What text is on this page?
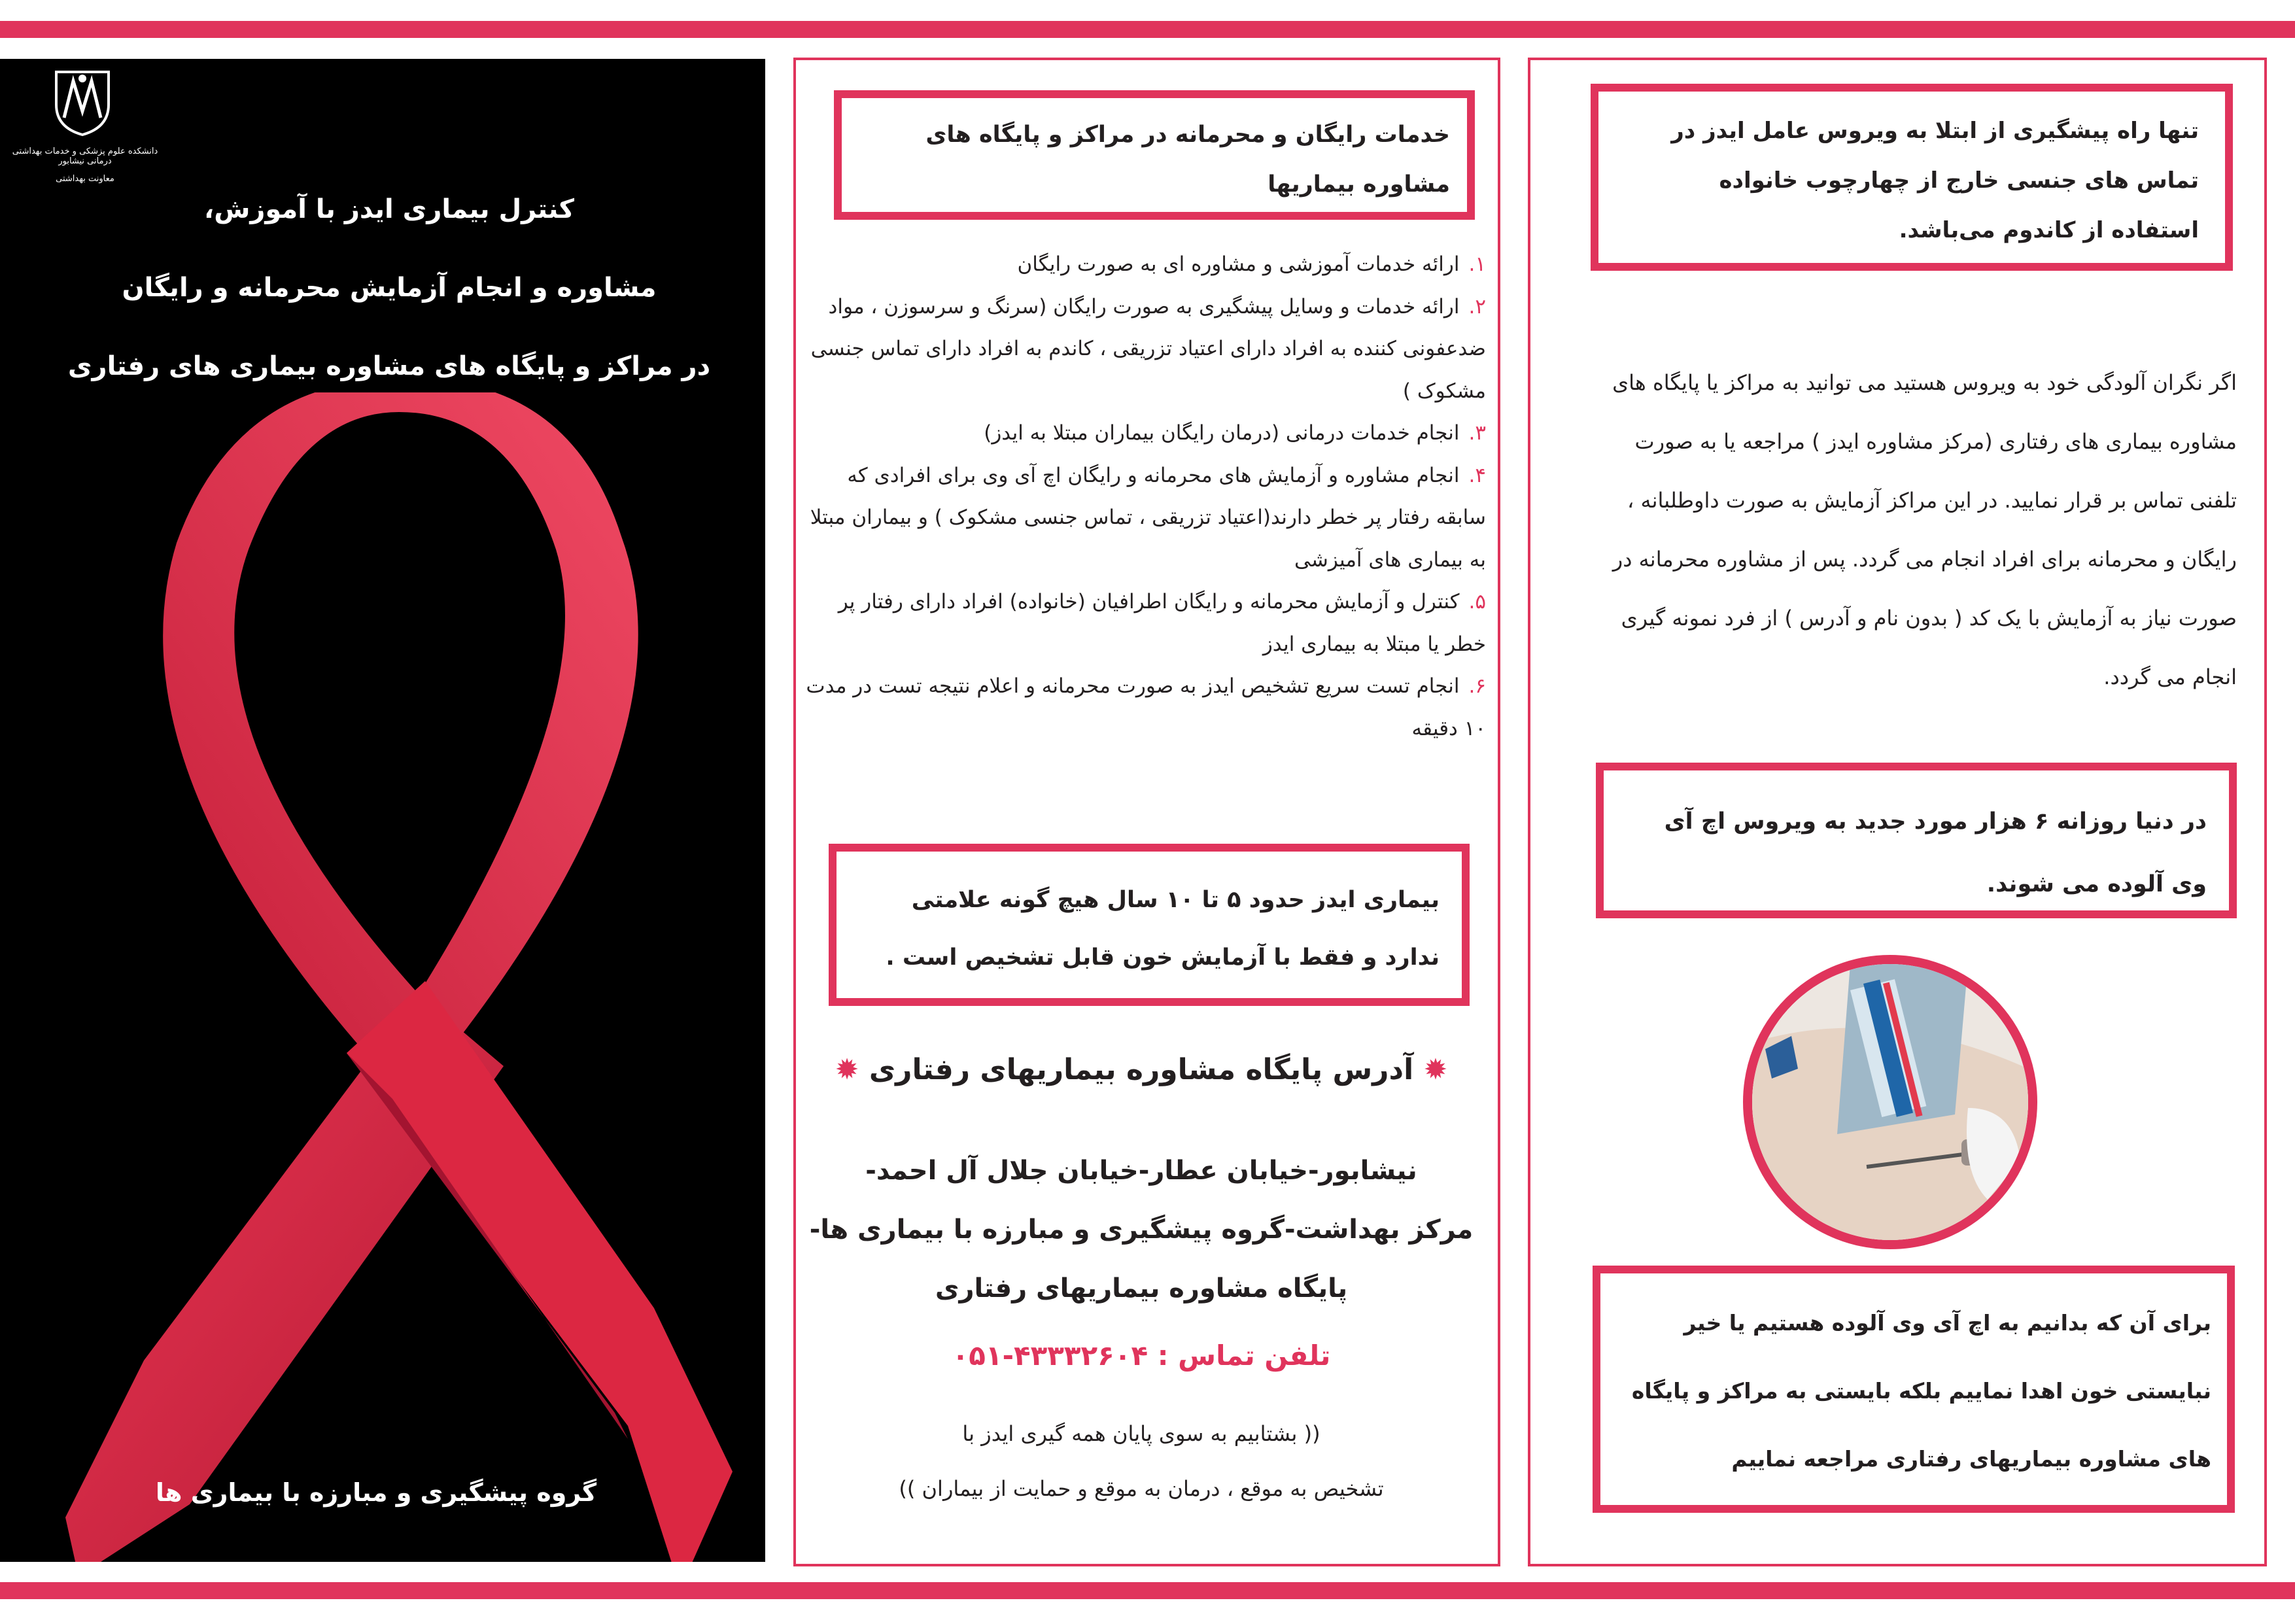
دانشکده علوم پزشکی و خدمات بهداشتی درمانی نیشابور
معاونت بهداشتی
کنترل بیماری ایدز با آموزش،
مشاوره و انجام آزمایش محرمانه و رایگان
در مراکز و پایگاه های مشاوره بیماری های رفتاری
گروه پیشگیری و مبارزه با بیماری ها
خدمات رایگان و محرمانه در مراکز و پایگاه های مشاوره بیماریها
۱.ارائه خدمات آموزشی و مشاوره ای به صورت رایگان
۲.ارائه خدمات و وسایل پیشگیری به صورت رایگان (سرنگ و سرسوزن ، مواد ضدعفونی کننده به افراد دارای اعتیاد تزریقی ، کاندم به افراد دارای تماس جنسی مشکوک )
۳.انجام خدمات درمانی (درمان رایگان بیماران مبتلا به ایدز)
۴.انجام مشاوره و آزمایش های محرمانه و رایگان اچ آی وی برای افرادی که سابقه رفتار پر خطر دارند(اعتیاد تزریقی ، تماس جنسی مشکوک ) و بیماران مبتلا به بیماری های آمیزشی
۵.کنترل و آزمایش محرمانه و رایگان اطرافیان (خانواده) افراد دارای رفتار پر خطر یا مبتلا به بیماری ایدز
۶.انجام تست سریع تشخیص ایدز به صورت محرمانه و اعلام نتیجه تست در مدت ۱۰ دقیقه
بیماری ایدز حدود ۵ تا ۱۰ سال هیچ گونه علامتی ندارد و فقط با آزمایش خون قابل تشخیص است .
✹ آدرس پایگاه مشاوره بیماریهای رفتاری ✹
نیشابور-خیابان عطار-خیابان جلال آل احمد-
مرکز بهداشت-گروه پیشگیری و مبارزه با بیماری ها-
پایگاه مشاوره بیماریهای رفتاری
تلفن تماس : ۴۳۳۳۲۶۰۴-۰۵۱
(( بشتابیم به سوی پایان همه گیری ایدز با
تشخیص به موقع ، درمان به موقع و حمایت از بیماران ))
تنها راه پیشگیری از ابتلا به ویروس عامل ایدز در تماس های جنسی خارج از چهارچوب خانواده استفاده از کاندوم می‌باشد.
اگر نگران آلودگی خود به ویروس هستید می توانید به مراکز یا پایگاه های مشاوره بیماری های رفتاری (مرکز مشاوره ایدز ) مراجعه یا به صورت تلفنی تماس بر قرار نمایید. در این مراکز آزمایش به صورت داوطلبانه ، رایگان و محرمانه برای افراد انجام می گردد. پس از مشاوره محرمانه در صورت نیاز به آزمایش با یک کد ( بدون نام و آدرس ) از فرد نمونه گیری انجام می گردد.
در دنیا روزانه ۶ هزار مورد جدید به ویروس اچ آی وی آلوده می شوند.
برای آن که بدانیم به اچ آی وی آلوده هستیم یا خیر نبایستی خون اهدا نماییم بلکه بایستی به مراکز و پایگاه های مشاوره بیماریهای رفتاری مراجعه نماییم
